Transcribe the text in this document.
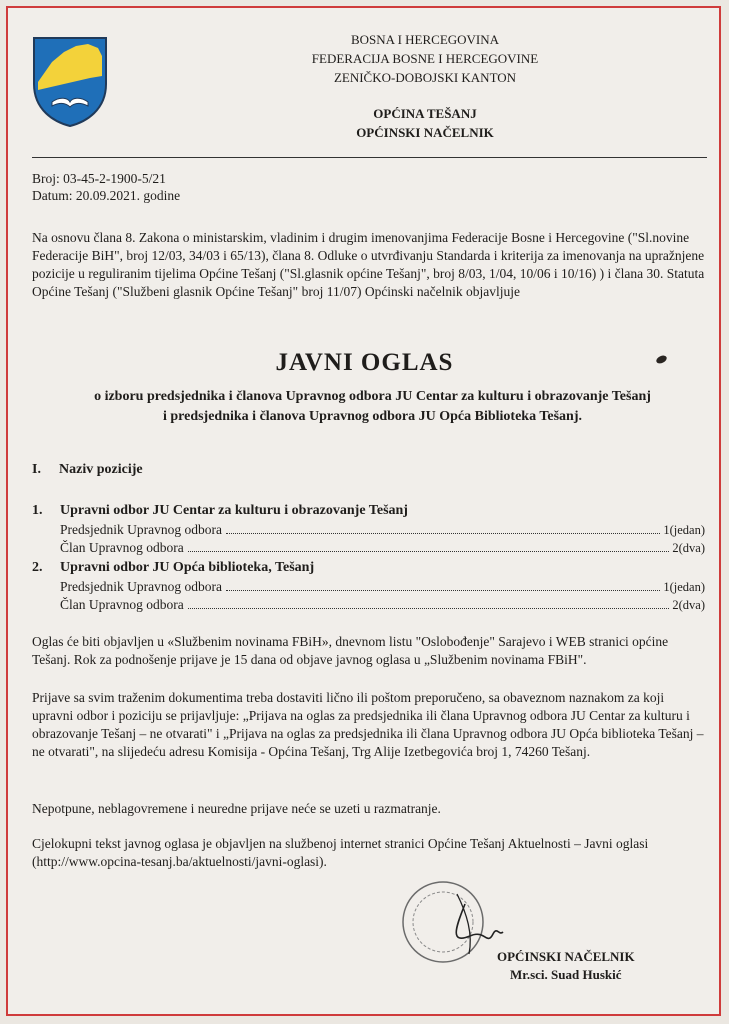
BOSNA I HERCEGOVINA
FEDERACIJA BOSNE I HERCEGOVINE
ZENIČKO-DOBOJSKI KANTON
OPĆINA TEŠANJ
OPĆINSKI NAČELNIK
Broj: 03-45-2-1900-5/21
Datum: 20.09.2021. godine
Na osnovu člana 8. Zakona o ministarskim, vladinim i drugim imenovanjima Federacije Bosne i Hercegovine ("Sl.novine Federacije BiH", broj 12/03, 34/03 i 65/13), člana 8. Odluke o utvrđivanju Standarda i kriterija za imenovanja na upražnjene pozicije u reguliranim tijelima Općine Tešanj ("Sl.glasnik općine Tešanj", broj 8/03, 1/04, 10/06 i 10/16) ) i člana 30. Statuta Općine Tešanj ("Službeni glasnik Općine Tešanj" broj 11/07) Općinski načelnik objavljuje
JAVNI OGLAS
o izboru predsjednika i članova Upravnog odbora JU Centar za kulturu i obrazovanje Tešanj
i predsjednika i članova Upravnog odbora JU Opća Biblioteka Tešanj.
I. Naziv pozicije
1. Upravni odbor JU Centar za kulturu i obrazovanje Tešanj
Predsjednik Upravnog odbora	1(jedan)
Član Upravnog odbora	2(dva)
2. Upravni odbor JU Opća biblioteka, Tešanj
Predsjednik Upravnog odbora	1(jedan)
Član Upravnog odbora	2(dva)
Oglas će biti objavljen u «Službenim novinama FBiH», dnevnom listu "Oslobođenje" Sarajevo i WEB stranici općine Tešanj. Rok za podnošenje prijave je 15 dana od objave javnog oglasa u „Službenim novinama FBiH".
Prijave sa svim traženim dokumentima treba dostaviti lično ili poštom preporučeno, sa obaveznom naznakom za koji upravni odbor i poziciju se prijavljuje: „Prijava na oglas za predsjednika ili člana Upravnog odbora JU Centar za kulturu i obrazovanje Tešanj – ne otvarati" i „Prijava na oglas za predsjednika ili člana Upravnog odbora JU Opća biblioteka Tešanj – ne otvarati", na slijedeću adresu Komisija - Općina Tešanj, Trg Alije Izetbegovića broj 1, 74260 Tešanj.
Nepotpune, neblagovremene i neuredne prijave neće se uzeti u razmatranje.
Cjelokupni tekst javnog oglasa je objavljen na službenoj internet stranici Općine Tešanj Aktuelnosti – Javni oglasi (http://www.opcina-tesanj.ba/aktuelnosti/javni-oglasi).
OPĆINSKI NAČELNIK
Mr.sci. Suad Huskić
